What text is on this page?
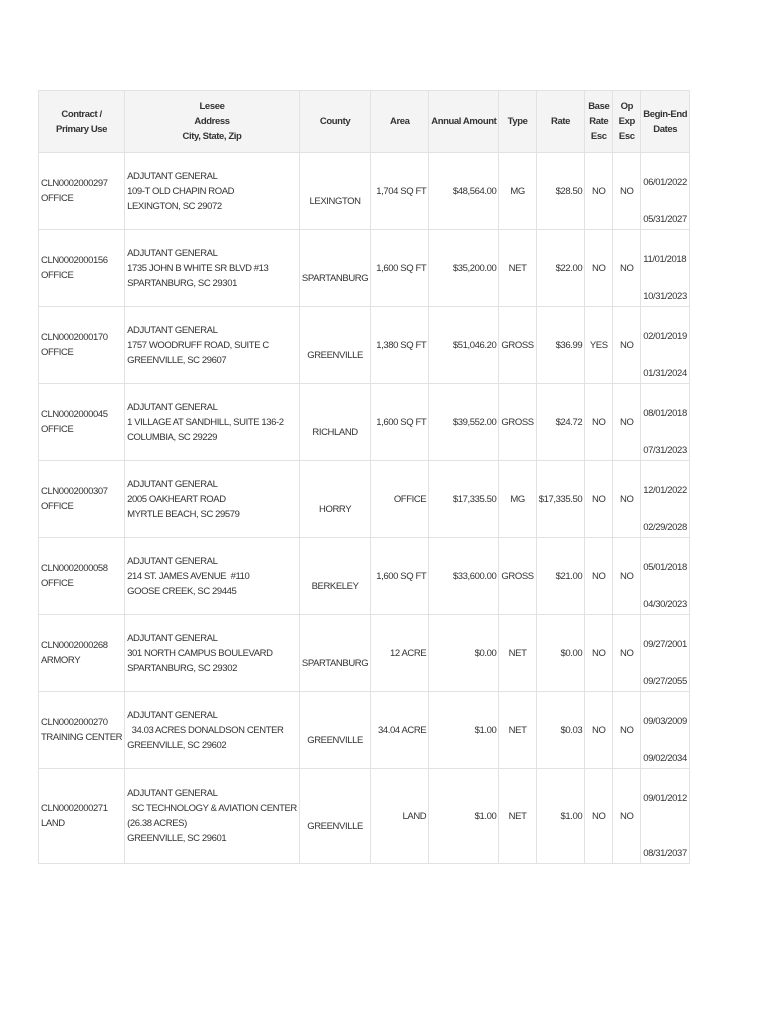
Contract /
Primary Use	Lesee
Address
City, State, Zip	County	Area	Annual Amount	Type	Rate	Base
Rate
Esc	Op
Exp
Esc	Begin-End
Dates

CLN0002000297
OFFICE	ADJUTANT GENERAL
109-T OLD CHAPIN ROAD
LEXINGTON, SC 29072	LEXINGTON	1,704 SQ FT	$48,564.00	MG	$28.50	NO	NO	06/01/2022
05/31/2027

CLN0002000156
OFFICE	ADJUTANT GENERAL
1735 JOHN B WHITE SR BLVD #13
SPARTANBURG, SC 29301	SPARTANBURG	1,600 SQ FT	$35,200.00	NET	$22.00	NO	NO	11/01/2018
10/31/2023

CLN0002000170
OFFICE	ADJUTANT GENERAL
1757 WOODRUFF ROAD, SUITE C
GREENVILLE, SC 29607	GREENVILLE	1,380 SQ FT	$51,046.20	GROSS	$36.99	YES	NO	02/01/2019
01/31/2024

CLN0002000045
OFFICE	ADJUTANT GENERAL
1 VILLAGE AT SANDHILL, SUITE 136-2
COLUMBIA, SC 29229	RICHLAND	1,600 SQ FT	$39,552.00	GROSS	$24.72	NO	NO	08/01/2018
07/31/2023

CLN0002000307
OFFICE	ADJUTANT GENERAL
2005 OAKHEART ROAD
MYRTLE BEACH, SC 29579	HORRY	OFFICE	$17,335.50	MG	$17,335.50	NO	NO	12/01/2022
02/29/2028

CLN0002000058
OFFICE	ADJUTANT GENERAL
214 ST. JAMES AVENUE  #110
GOOSE CREEK, SC 29445	BERKELEY	1,600 SQ FT	$33,600.00	GROSS	$21.00	NO	NO	05/01/2018
04/30/2023

CLN0002000268
ARMORY	ADJUTANT GENERAL
301 NORTH CAMPUS BOULEVARD
SPARTANBURG, SC 29302	SPARTANBURG	12 ACRE	$0.00	NET	$0.00	NO	NO	09/27/2001
09/27/2055

CLN0002000270
TRAINING CENTER	ADJUTANT GENERAL
34.03 ACRES DONALDSON CENTER
GREENVILLE, SC 29602	GREENVILLE	34.04 ACRE	$1.00	NET	$0.03	NO	NO	09/03/2009
09/02/2034

CLN0002000271
LAND	ADJUTANT GENERAL
SC TECHNOLOGY & AVIATION CENTER
(26.38 ACRES)
GREENVILLE, SC 29601	GREENVILLE	LAND	$1.00	NET	$1.00	NO	NO	09/01/2012
08/31/2037
